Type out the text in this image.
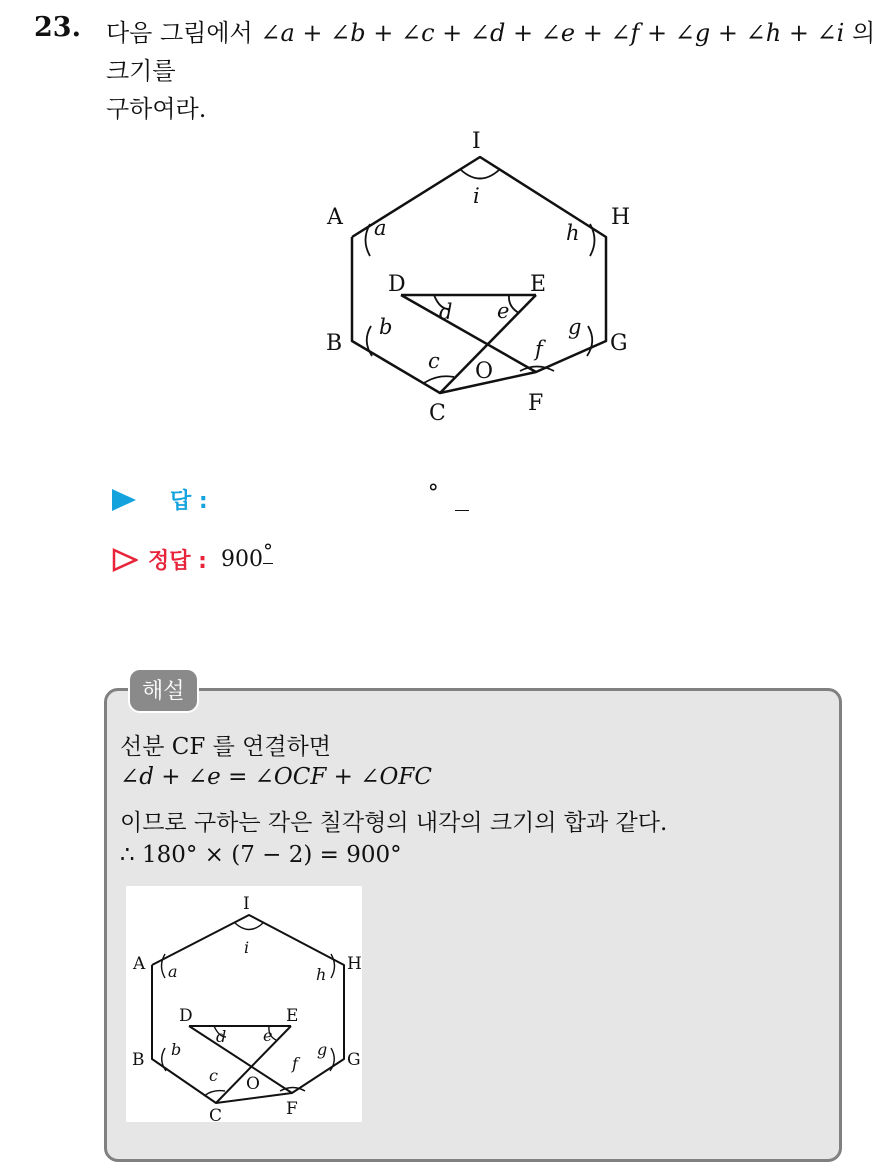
23. 다음 그림에서 ∠a + ∠b + ∠c + ∠d + ∠e + ∠f + ∠g + ∠h + ∠i 의 크기를
구하여라.
I
A	H
D	E
B	G
O
C	F
i
a	h
d e
b	g
c	f
답 :	°
정답 : 900°
해설
선분 CF 를 연결하면
∠d + ∠e = ∠OCF + ∠OFC
이므로 구하는 각은 칠각형의 내각의 크기의 합과 같다.
∴ 180° × (7 − 2) = 900°
I
A	H
D	E
B	G
O
C	F
i
a	h
d e
b	g
c
f
